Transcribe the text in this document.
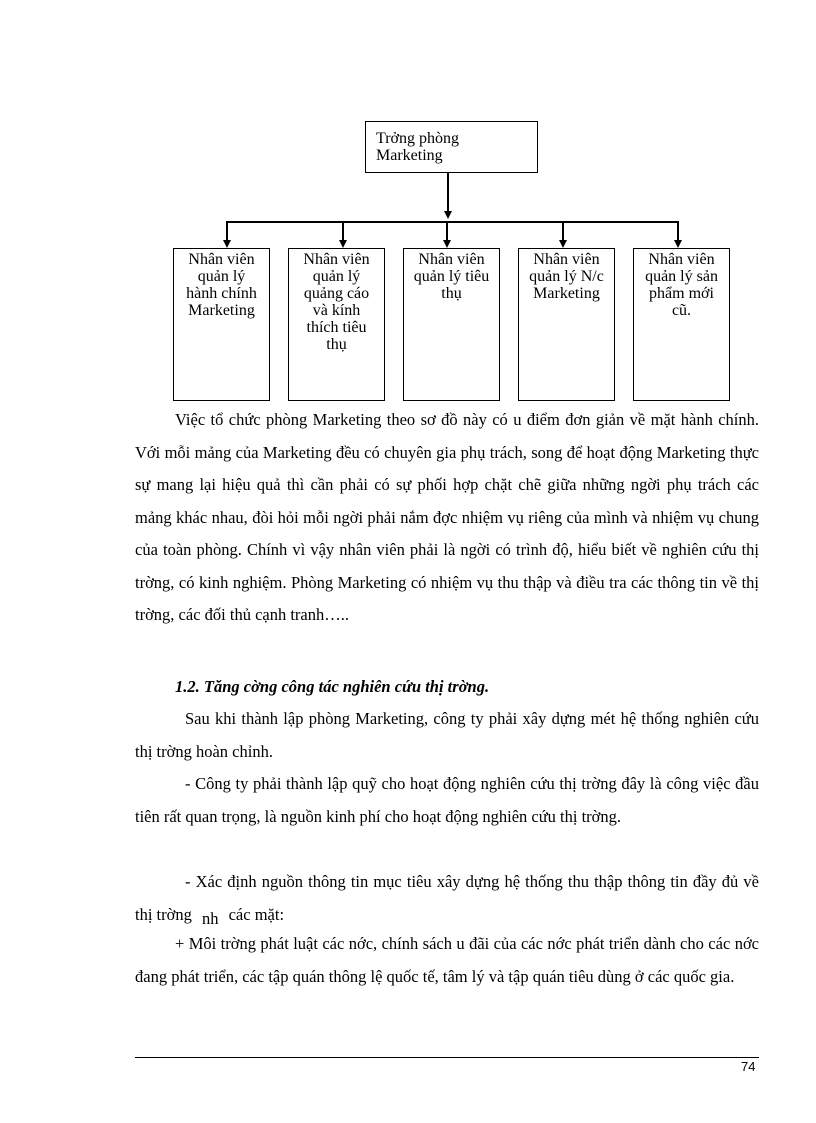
Trởng phòng
Marketing
Nhân viên
quản lý
hành chính
Marketing
Nhân viên
quản lý
quảng cáo
và kính
thích tiêu
thụ
Nhân viên
quản lý tiêu
thụ
Nhân viên
quản lý N/c
Marketing
Nhân viên
quản lý sản
phẩm mới
cũ.

Việc tổ chức phòng Marketing theo sơ đồ này có u điểm đơn giản về mặt hành chính. Với mỗi mảng của Marketing đều có chuyên gia phụ trách, song để hoạt động Marketing thực sự mang lại hiệu quả thì cần phải có sự phối hợp chặt chẽ giữa những ngời phụ trách các mảng khác nhau, đòi hỏi mỗi ngời phải nắm đợc nhiệm vụ riêng của mình và nhiệm vụ chung của toàn phòng. Chính vì vậy nhân viên phải là ngời có trình độ, hiểu biết về nghiên cứu thị trờng, có kinh nghiệm. Phòng Marketing có nhiệm vụ thu thập và điều tra các thông tin về thị trờng, các đối thủ cạnh tranh…..

1.2. Tăng cờng công tác nghiên cứu thị trờng.

Sau khi thành lập phòng Marketing, công ty phải xây dựng mét hệ thống nghiên cứu thị trờng hoàn chỉnh.

- Công ty phải thành lập quỹ cho hoạt động nghiên cứu thị trờng đây là công việc đầu tiên rất quan trọng, là nguồn kinh phí cho hoạt động nghiên cứu thị trờng.

- Xác định nguồn thông tin mục tiêu xây dựng hệ thống thu thập thông tin đầy đủ về thị trờng nh các mặt:

+ Môi trờng phát luật các nớc, chính sách u đãi của các nớc phát triển dành cho các nớc đang phát triển, các tập quán thông lệ quốc tế, tâm lý và tập quán tiêu dùng ở các quốc gia.

74
